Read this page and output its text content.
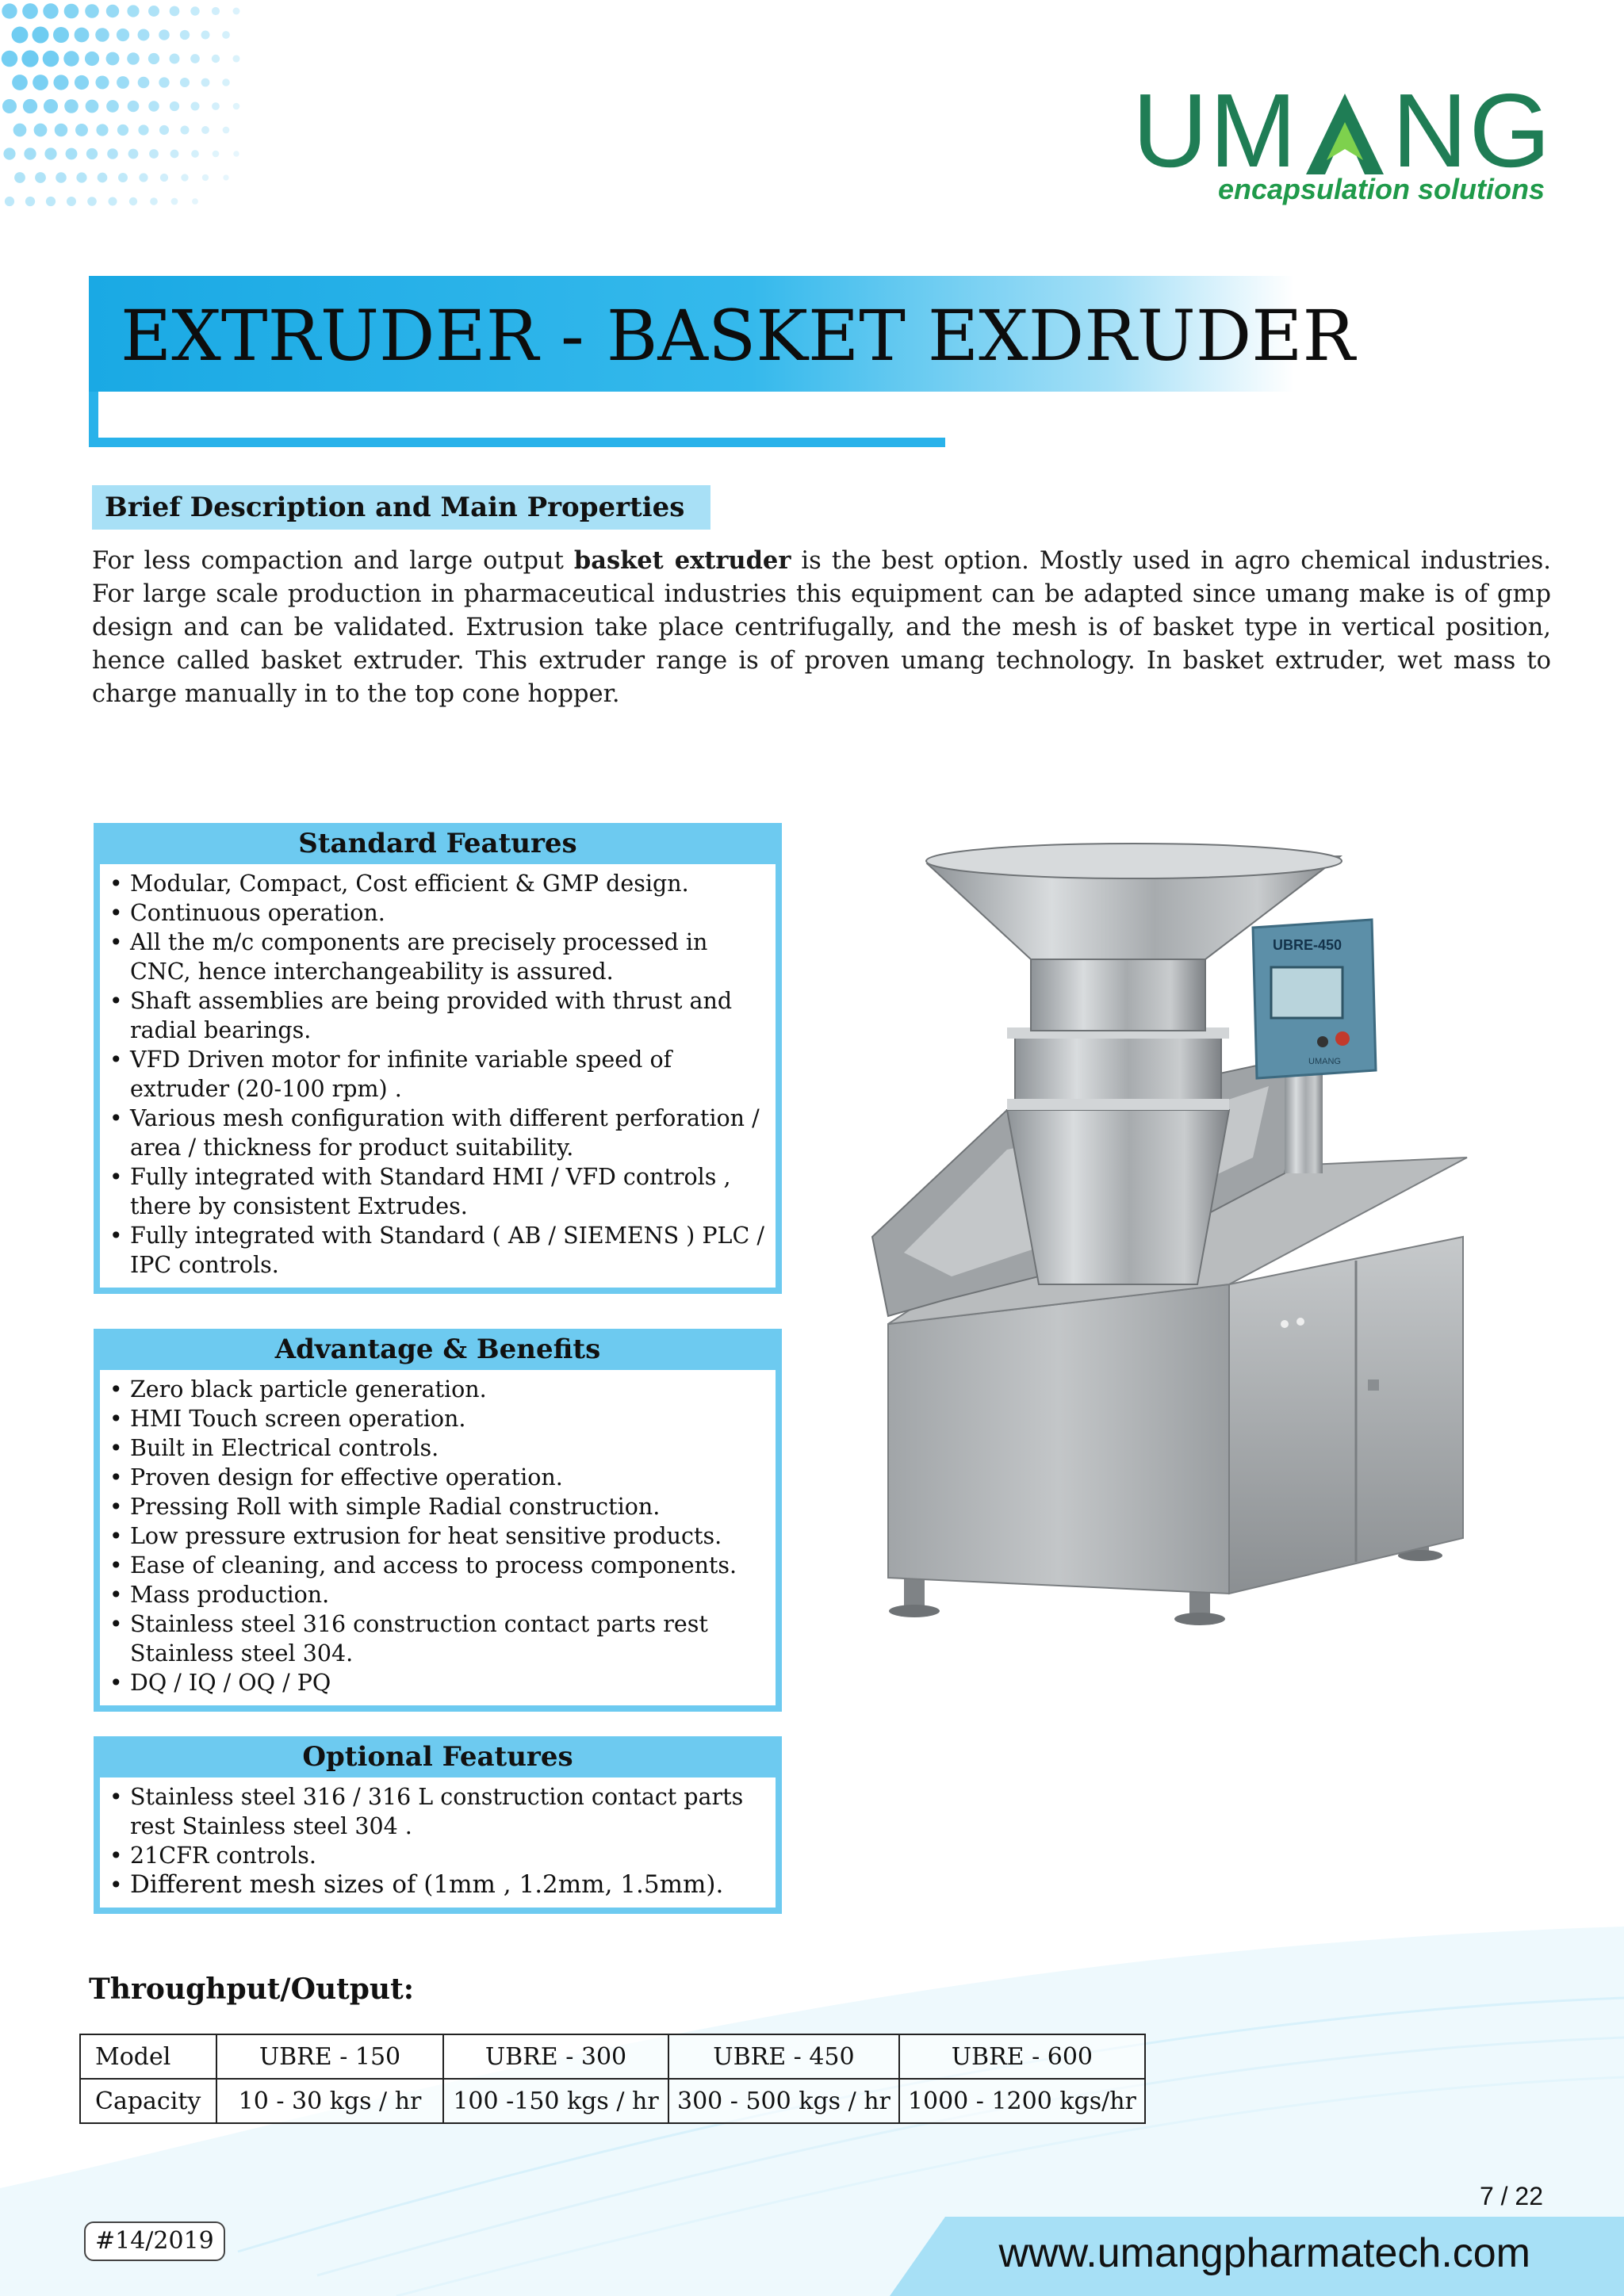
UM NG
encapsulation solutions
EXTRUDER - BASKET EXDRUDER
Brief Description and Main Properties

For less compaction and large output basket extruder is the best option. Mostly used in agro chemical industries. For large scale production in pharmaceutical industries this equipment can be adapted since umang make is of gmp design and can be validated. Extrusion take place centrifugally, and the mesh is of basket type in vertical position, hence called basket extruder. This extruder range is of proven umang technology. In basket extruder, wet mass to charge manually in to the top cone hopper.

Standard Features
• Modular, Compact, Cost efficient & GMP design.
• Continuous operation.
• All the m/c components are precisely processed in CNC, hence interchangeability is assured.
• Shaft assemblies are being provided with thrust and radial bearings.
• VFD Driven motor for infinite variable speed of extruder (20-100 rpm) .
• Various mesh configuration with different perforation / area / thickness for product suitability.
• Fully integrated with Standard HMI / VFD controls , there by consistent Extrudes.
• Fully integrated with Standard ( AB / SIEMENS ) PLC / IPC controls.
Advantage & Benefits
• Zero black particle generation.
• HMI Touch screen operation.
• Built in Electrical controls.
• Proven design for effective operation.
• Pressing Roll with simple Radial construction.
• Low pressure extrusion for heat sensitive products.
• Ease of cleaning, and access to process components.
• Mass production.
• Stainless steel 316 construction contact parts rest Stainless steel 304.
• DQ / IQ / OQ / PQ
Optional Features
• Stainless steel 316 / 316 L construction contact parts rest Stainless steel 304 .
• 21CFR controls.
• Different mesh sizes of (1mm , 1.2mm, 1.5mm).
UBRE-450
UMANG
Throughput/Output:
Model	UBRE - 150	UBRE - 300	UBRE - 450	UBRE - 600
Capacity	10 - 30 kgs / hr	100 -150 kgs / hr	300 - 500 kgs / hr	1000 - 1200 kgs/hr
7 / 22
#14/2019	www.umangpharmatech.com
